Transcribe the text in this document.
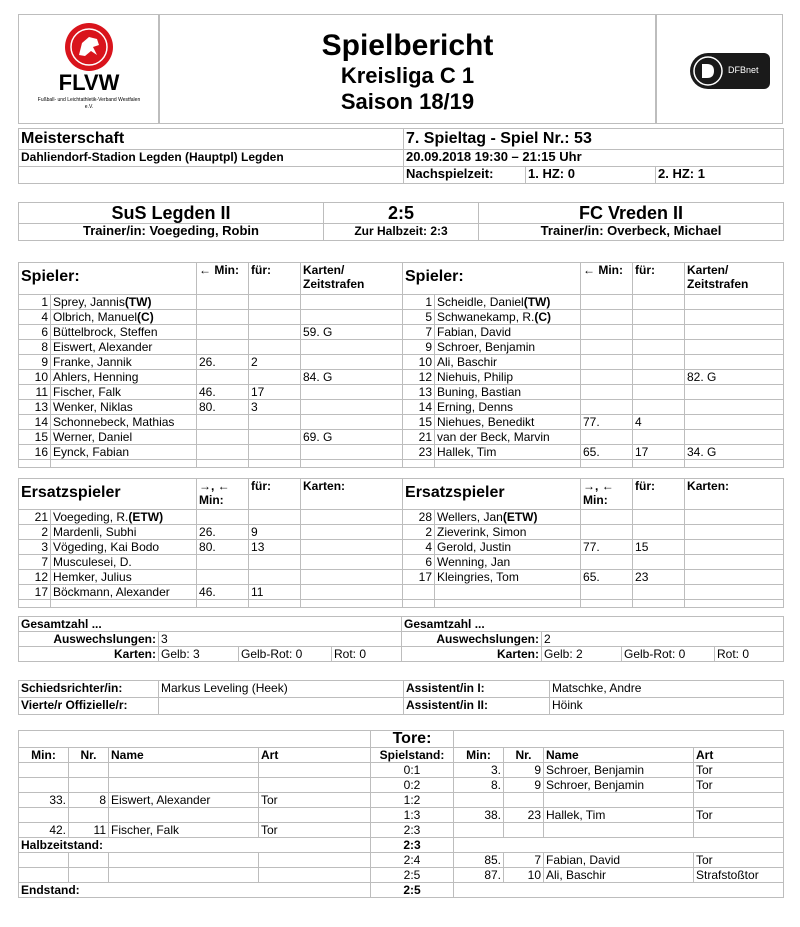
FLVW
Fußball- und Leichtathletik-Verband Westfalen e.V.
Spielbericht
Kreisliga C 1
Saison 18/19
DFBnet
Meisterschaft	7. Spieltag - Spiel Nr.: 53		
Dahliendorf-Stadion Legden (Hauptpl) Legden	20.09.2018 19:30 – 21:15 Uhr		
	Nachspielzeit:	1. HZ: 0	2. HZ: 1
SuS Legden II	2:5	FC Vreden II
Trainer/in: Voegeding, Robin	Zur Halbzeit: 2:3	Trainer/in: Overbeck, Michael
Spieler:		← Min:	für:	Karten/ Zeitstrafen	Spieler:		← Min:	für:	Karten/ Zeitstrafen
1	Sprey, Jannis(TW)				1	Scheidle, Daniel(TW)			
4	Olbrich, Manuel(C)				5	Schwanekamp, R.(C)			
6	Büttelbrock, Steffen			59. G	7	Fabian, David			
8	Eiswert, Alexander				9	Schroer, Benjamin			
9	Franke, Jannik	26.	2		10	Ali, Baschir			
10	Ahlers, Henning			84. G	12	Niehuis, Philip			82. G
11	Fischer, Falk	46.	17		13	Buning, Bastian			
13	Wenker, Niklas	80.	3		14	Erning, Denns			
14	Schonnebeck, Mathias				15	Niehues, Benedikt	77.	4	
15	Werner, Daniel			69. G	21	van der Beck, Marvin			
16	Eynck, Fabian				23	Hallek, Tim	65.	17	34. G

Ersatzspieler		→, ← Min:	für:	Karten:	Ersatzspieler		→, ← Min:	für:	Karten:
21	Voegeding, R.(ETW)				28	Wellers, Jan(ETW)			
2	Mardenli, Subhi	26.	9		2	Zieverink, Simon			
3	Vögeding, Kai Bodo	80.	13		4	Gerold, Justin	77.	15	
7	Musculesei, D.				6	Wenning, Jan			
12	Hemker, Julius				17	Kleingries, Tom	65.	23	
17	Böckmann, Alexander	46.	11						

Gesamtzahl ...				Gesamtzahl ...			
Auswechslungen:	3			Auswechslungen:	2		
Karten:	Gelb: 3	Gelb-Rot: 0	Rot: 0	Karten:	Gelb: 2	Gelb-Rot: 0	Rot: 0
Schiedsrichter/in:	Markus Leveling (Heek)	Assistent/in I:	Matschke, Andre
Vierte/r Offizielle/r:		Assistent/in II:	Höink
				Tore:				
Min:	Nr.	Name	Art	Spielstand:	Min:	Nr.	Name	Art
				0:1	3.	9	Schroer, Benjamin	Tor
				0:2	8.	9	Schroer, Benjamin	Tor
33.	8	Eiswert, Alexander	Tor	1:2				
				1:3	38.	23	Hallek, Tim	Tor
42.	11	Fischer, Falk	Tor	2:3				
Halbzeitstand:				2:3				
				2:4	85.	7	Fabian, David	Tor
				2:5	87.	10	Ali, Baschir	Strafstoßtor
Endstand:				2:5				
